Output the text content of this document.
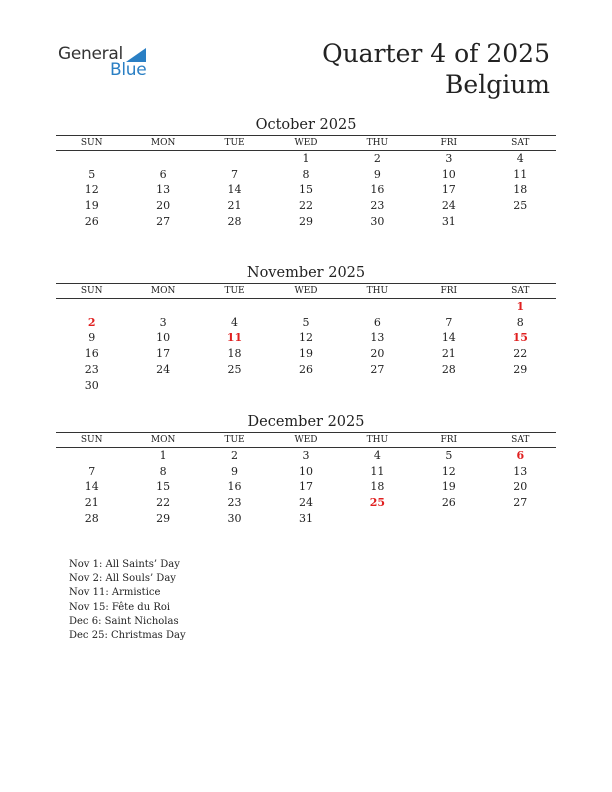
General
Blue
Quarter 4 of 2025
Belgium
October 2025
SUN	MON	TUE	WED	THU	FRI	SAT
			1	2	3	4
5	6	7	8	9	10	11
12	13	14	15	16	17	18
19	20	21	22	23	24	25
26	27	28	29	30	31	
November 2025
SUN	MON	TUE	WED	THU	FRI	SAT
						1
2	3	4	5	6	7	8
9	10	11	12	13	14	15
16	17	18	19	20	21	22
23	24	25	26	27	28	29
30						
December 2025
SUN	MON	TUE	WED	THU	FRI	SAT
	1	2	3	4	5	6
7	8	9	10	11	12	13
14	15	16	17	18	19	20
21	22	23	24	25	26	27
28	29	30	31			
Nov 1: All Saints’ Day
Nov 2: All Souls’ Day
Nov 11: Armistice
Nov 15: Fête du Roi
Dec 6: Saint Nicholas
Dec 25: Christmas Day
